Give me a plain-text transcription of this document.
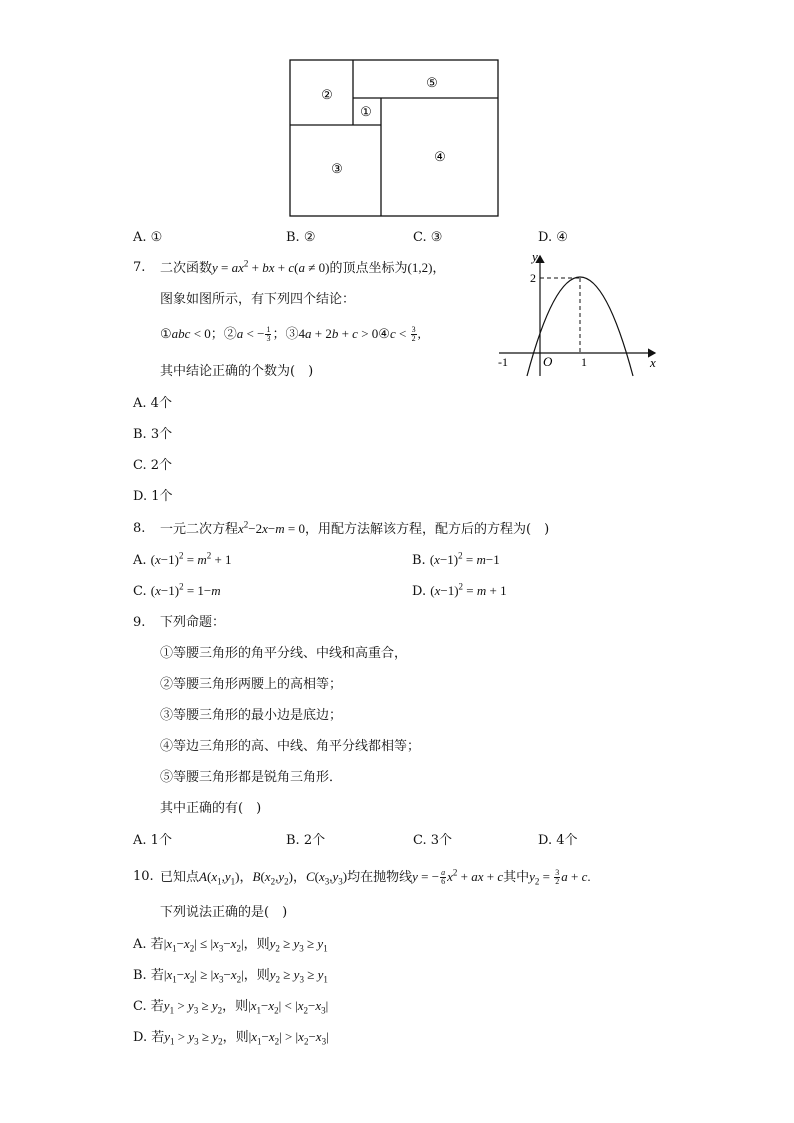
②
⑤
①
③
④
A. ①	B. ②	C. ③	D. ④
7. 二次函数$y = ax^2$ + bx + c(a ≠ 0)的顶点坐标为(1,2)，
图象如图所示，有下列四个结论：
①abc < 0；②a < − $\frac{1}{3}$ ；③4a + 2b + c > 0④c < $\frac{3}{2}$ ,
其中结论正确的个数为(　)
y
x
O
-1	1
2
A. 4个
B. 3个
C. 2个
D. 1个
8. 一元二次方程$x^2-2x-m = 0$，用配方法解该方程，配方后的方程为(　)
A. $(x-1)^2 = m^2 + 1$	B. $(x-1)^2 = m-1$
C. $(x-1)^2 = 1-m$	D. $(x-1)^2 = m + 1$
9. 下列命题：
①等腰三角形的角平分线、中线和高重合，
②等腰三角形两腰上的高相等；
③等腰三角形的最小边是底边；
④等边三角形的高、中线、角平分线都相等；
⑤等腰三角形都是锐角三角形．
其中正确的有(　)
A. 1个	B. 2个	C. 3个	D. 4个
10. 已知点$A(x_1,y_1)$，$B(x_2,y_2)$，$C(x_3,y_3)$均在抛物线y = − $\frac{a}{6} x^2$ + ax + c其中$y_2 = \frac{3}{2}$ a + c.
下列说法正确的是(　)
A. 若$|x_1-x_2| \le |x_3-x_2|$，则$y_2 \ge y_3 \ge y_1$
B. 若$|x_1-x_2| \ge |x_3-x_2|$，则$y_2 \ge y_3 \ge y_1$
C. 若$y_1 > y_3 \ge y_2$，则$|x_1-x_2| < |x_2-x_3|$
D. 若$y_1 > y_3 \ge y_2$，则$|x_1-x_2| > |x_2-x_3|$
